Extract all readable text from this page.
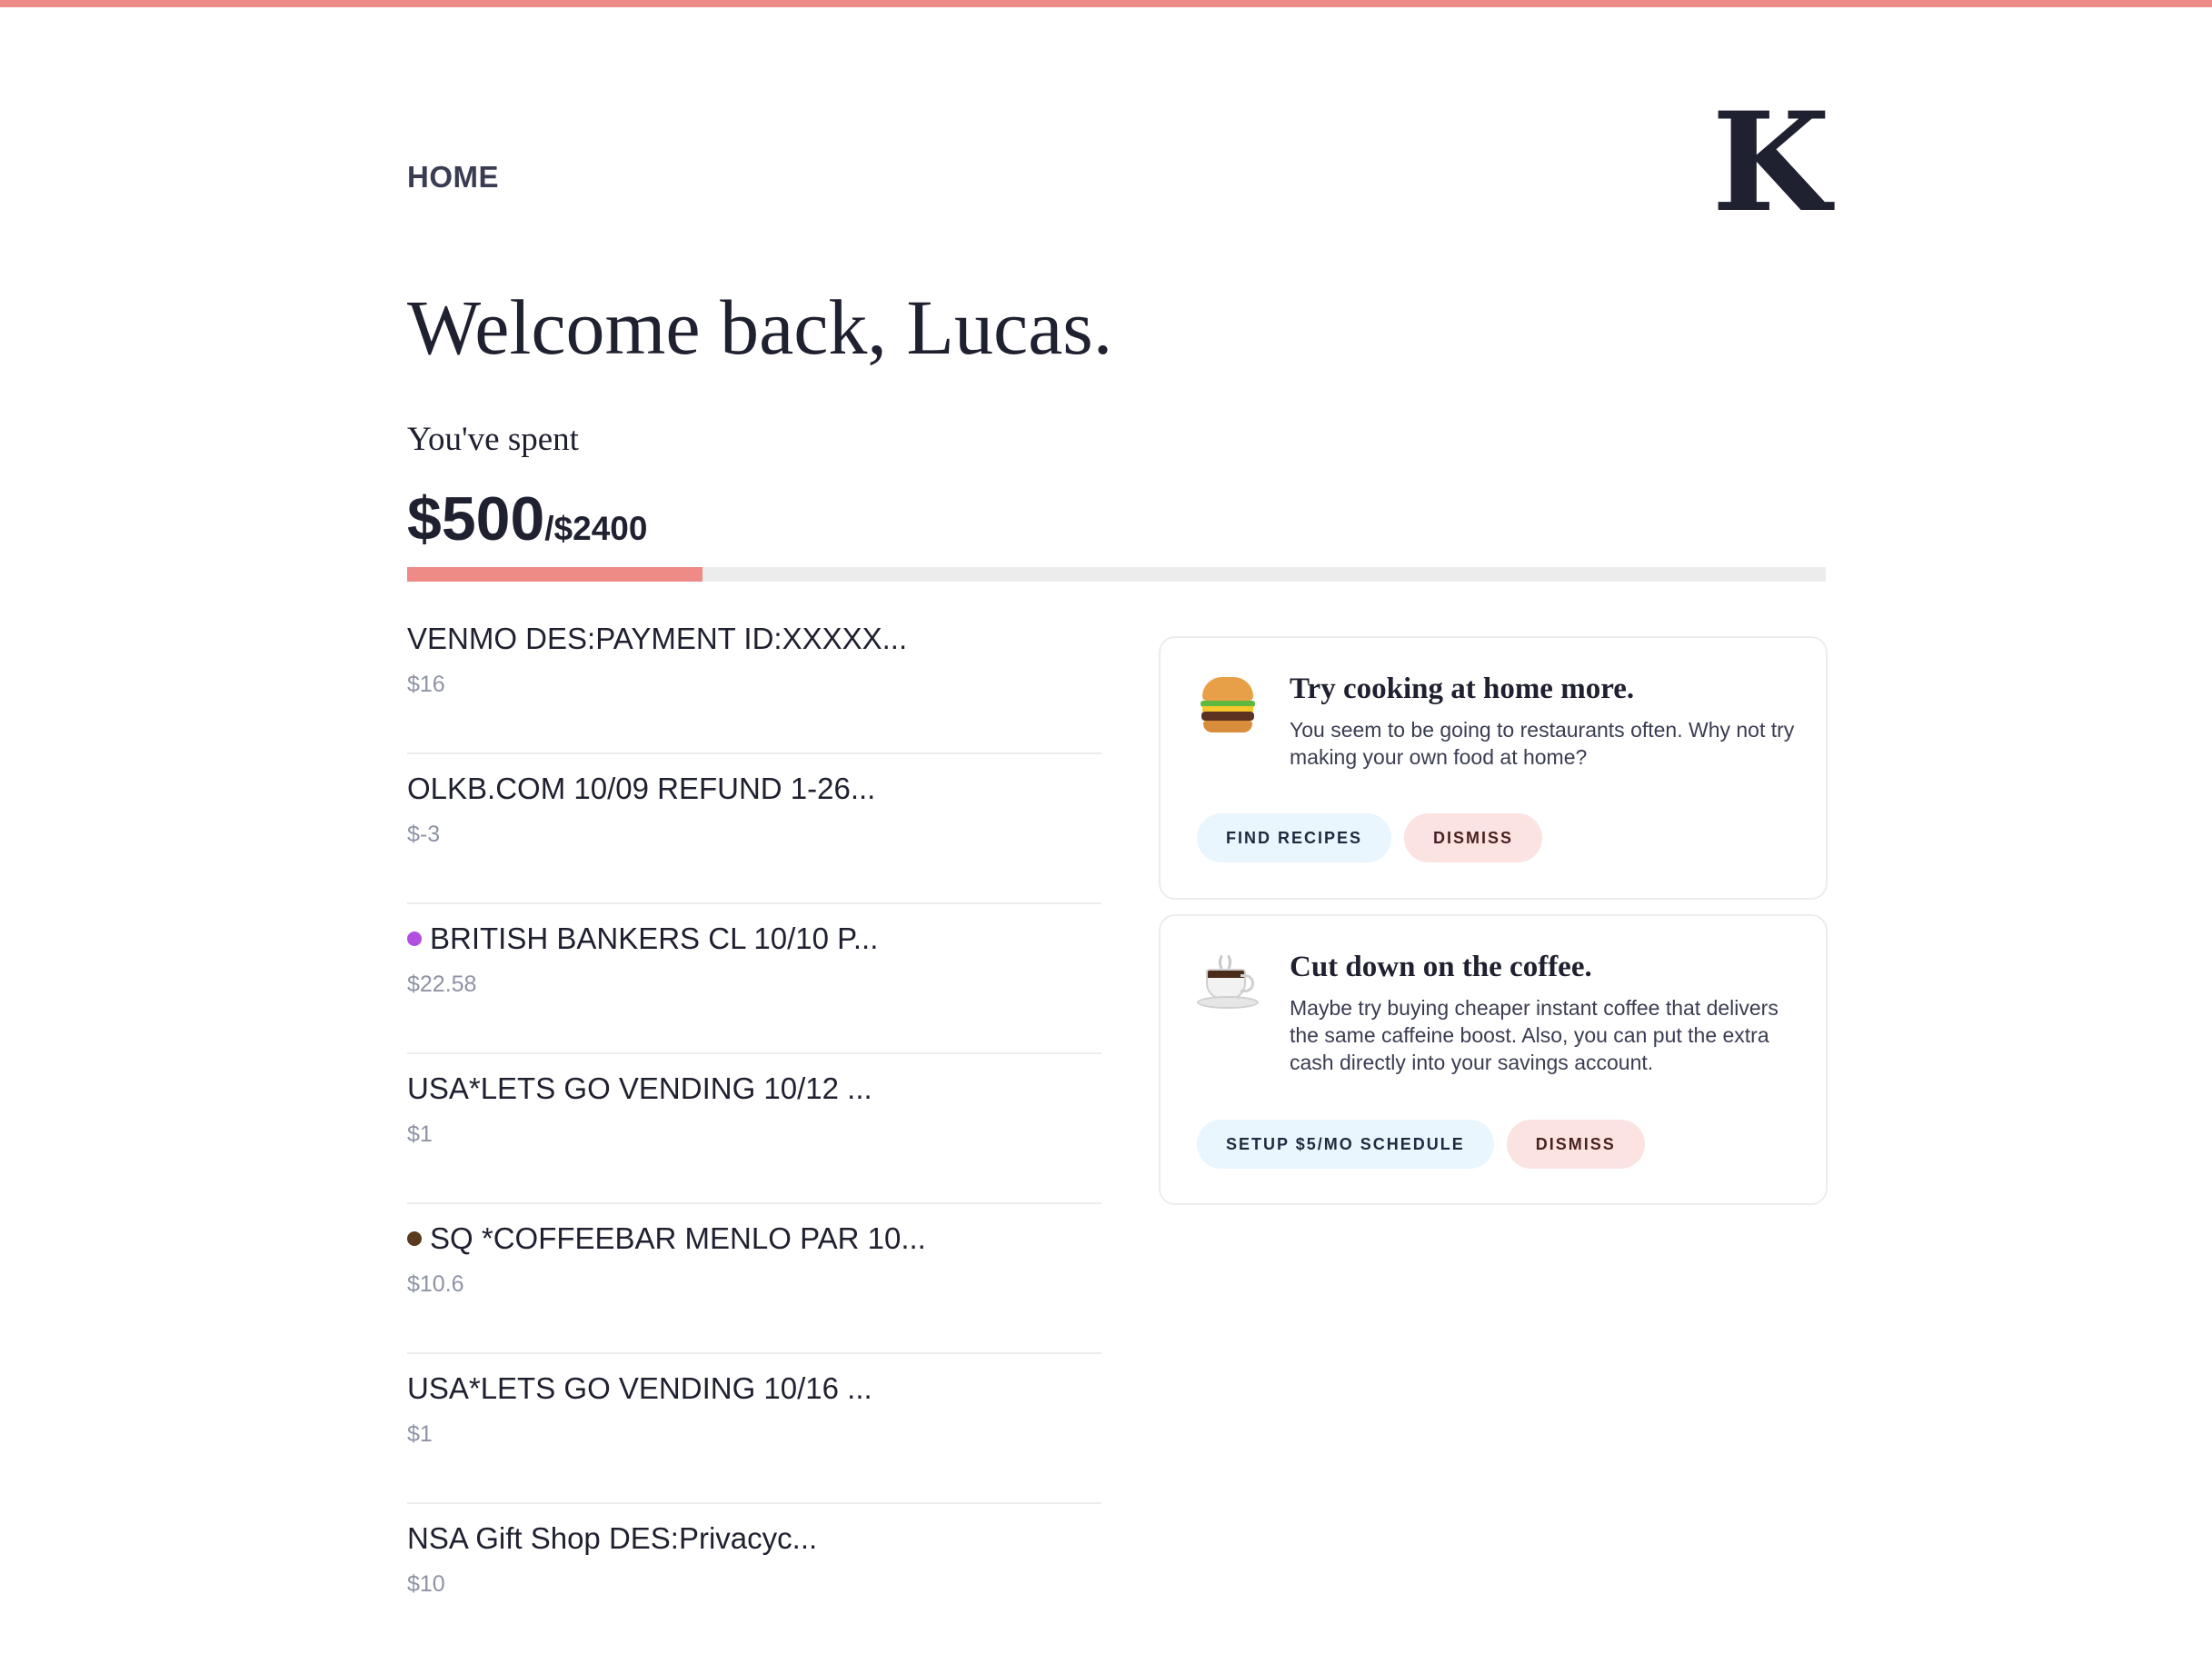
HOME	K
Welcome back, Lucas.
You've spent
$500/$2400
VENMO DES:PAYMENT ID:XXXXX...
$16
OLKB.COM 10/09 REFUND 1-26...
$-3
BRITISH BANKERS CL 10/10 P...
$22.58
USA*LETS GO VENDING 10/12 ...
$1
SQ *COFFEEBAR MENLO PAR 10...
$10.6
USA*LETS GO VENDING 10/16 ...
$1
NSA Gift Shop DES:Privacyc...
$10
Try cooking at home more.
You seem to be going to restaurants often. Why not try making your own food at home?
FIND RECIPES	DISMISS
Cut down on the coffee.
Maybe try buying cheaper instant coffee that delivers the same caffeine boost. Also, you can put the extra cash directly into your savings account.
SETUP $5/MO SCHEDULE	DISMISS
